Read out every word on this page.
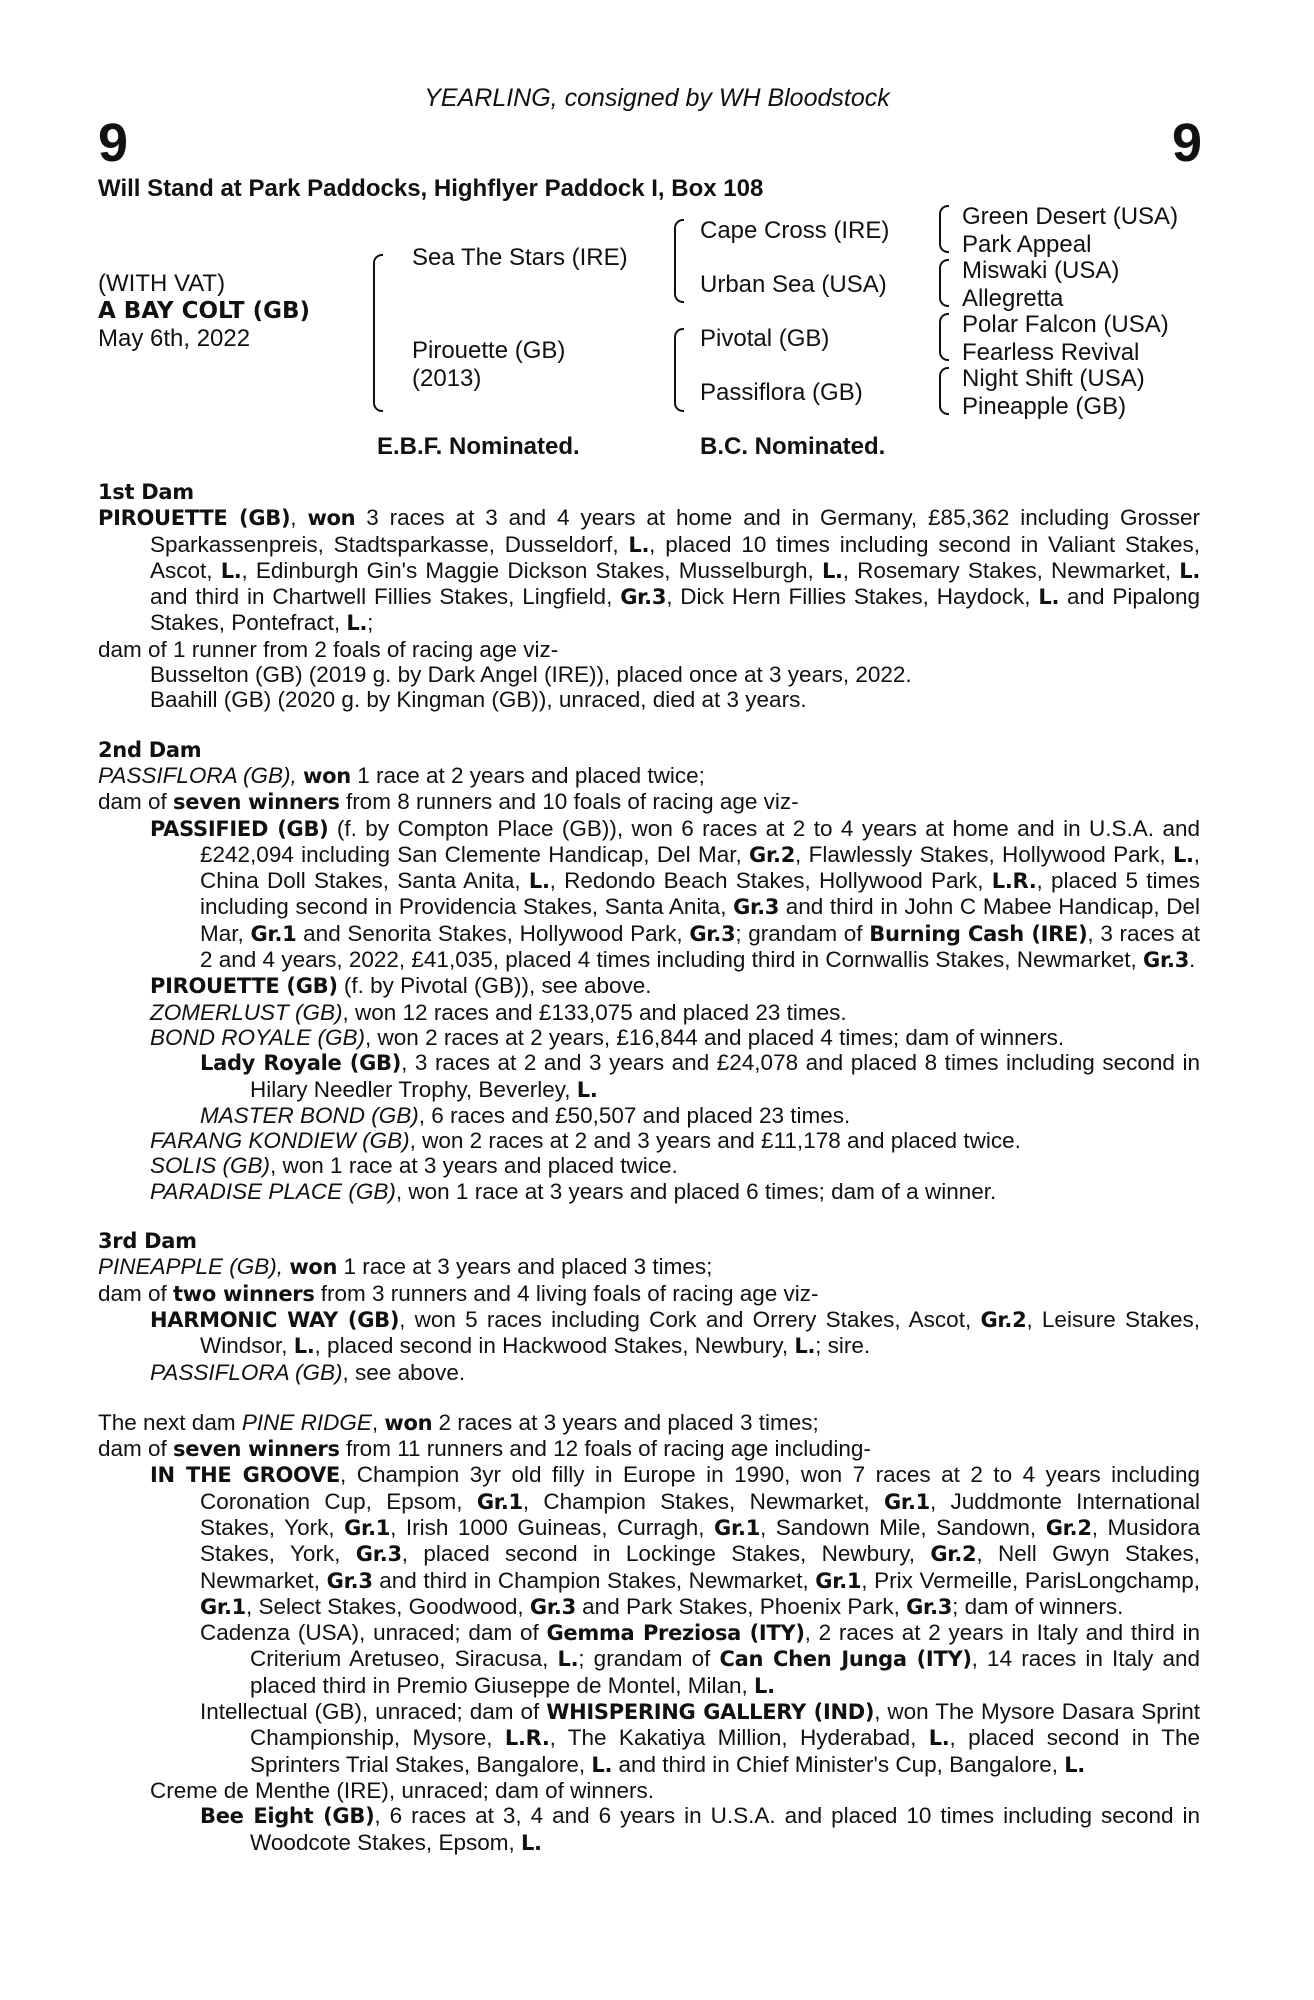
YEARLING, consigned by WH Bloodstock
9	9
Will Stand at Park Paddocks, Highflyer Paddock I, Box 108
(WITH VAT)
A BAY COLT (GB)
May 6th, 2022
Sea The Stars (IRE)
Pirouette (GB)
(2013)
Cape Cross (IRE)
Urban Sea (USA)
Pivotal (GB)
Passiflora (GB)
Green Desert (USA)
Park Appeal
Miswaki (USA)
Allegretta
Polar Falcon (USA)
Fearless Revival
Night Shift (USA)
Pineapple (GB)
E.B.F. Nominated.	B.C. Nominated.

1st Dam

PIROUETTE (GB), won 3 races at 3 and 4 years at home and in Germany, £85,362 including Grosser Sparkassenpreis, Stadtsparkasse, Dusseldorf, L., placed 10 times including second in Valiant Stakes, Ascot, L., Edinburgh Gin's Maggie Dickson Stakes, Musselburgh, L., Rosemary Stakes, Newmarket, L. and third in Chartwell Fillies Stakes, Lingfield, Gr.3, Dick Hern Fillies Stakes, Haydock, L. and Pipalong Stakes, Pontefract, L.;

dam of 1 runner from 2 foals of racing age viz-

Busselton (GB) (2019 g. by Dark Angel (IRE)), placed once at 3 years, 2022.

Baahill (GB) (2020 g. by Kingman (GB)), unraced, died at 3 years.

2nd Dam

PASSIFLORA (GB), won 1 race at 2 years and placed twice;

dam of seven winners from 8 runners and 10 foals of racing age viz-

PASSIFIED (GB) (f. by Compton Place (GB)), won 6 races at 2 to 4 years at home and in U.S.A. and £242,094 including San Clemente Handicap, Del Mar, Gr.2, Flawlessly Stakes, Hollywood Park, L., China Doll Stakes, Santa Anita, L., Redondo Beach Stakes, Hollywood Park, L.R., placed 5 times including second in Providencia Stakes, Santa Anita, Gr.3 and third in John C Mabee Handicap, Del Mar, Gr.1 and Senorita Stakes, Hollywood Park, Gr.3; grandam of Burning Cash (IRE), 3 races at 2 and 4 years, 2022, £41,035, placed 4 times including third in Cornwallis Stakes, Newmarket, Gr.3.

PIROUETTE (GB) (f. by Pivotal (GB)), see above.

ZOMERLUST (GB), won 12 races and £133,075 and placed 23 times.

BOND ROYALE (GB), won 2 races at 2 years, £16,844 and placed 4 times; dam of winners.

Lady Royale (GB), 3 races at 2 and 3 years and £24,078 and placed 8 times including second in Hilary Needler Trophy, Beverley, L.

MASTER BOND (GB), 6 races and £50,507 and placed 23 times.

FARANG KONDIEW (GB), won 2 races at 2 and 3 years and £11,178 and placed twice.

SOLIS (GB), won 1 race at 3 years and placed twice.

PARADISE PLACE (GB), won 1 race at 3 years and placed 6 times; dam of a winner.

3rd Dam

PINEAPPLE (GB), won 1 race at 3 years and placed 3 times;

dam of two winners from 3 runners and 4 living foals of racing age viz-

HARMONIC WAY (GB), won 5 races including Cork and Orrery Stakes, Ascot, Gr.2, Leisure Stakes, Windsor, L., placed second in Hackwood Stakes, Newbury, L.; sire.

PASSIFLORA (GB), see above.

The next dam PINE RIDGE, won 2 races at 3 years and placed 3 times;

dam of seven winners from 11 runners and 12 foals of racing age including-

IN THE GROOVE, Champion 3yr old filly in Europe in 1990, won 7 races at 2 to 4 years including Coronation Cup, Epsom, Gr.1, Champion Stakes, Newmarket, Gr.1, Juddmonte International Stakes, York, Gr.1, Irish 1000 Guineas, Curragh, Gr.1, Sandown Mile, Sandown, Gr.2, Musidora Stakes, York, Gr.3, placed second in Lockinge Stakes, Newbury, Gr.2, Nell Gwyn Stakes, Newmarket, Gr.3 and third in Champion Stakes, Newmarket, Gr.1, Prix Vermeille, ParisLongchamp, Gr.1, Select Stakes, Goodwood, Gr.3 and Park Stakes, Phoenix Park, Gr.3; dam of winners.

Cadenza (USA), unraced; dam of Gemma Preziosa (ITY), 2 races at 2 years in Italy and third in Criterium Aretuseo, Siracusa, L.; grandam of Can Chen Junga (ITY), 14 races in Italy and placed third in Premio Giuseppe de Montel, Milan, L.

Intellectual (GB), unraced; dam of WHISPERING GALLERY (IND), won The Mysore Dasara Sprint Championship, Mysore, L.R., The Kakatiya Million, Hyderabad, L., placed second in The Sprinters Trial Stakes, Bangalore, L. and third in Chief Minister's Cup, Bangalore, L.

Creme de Menthe (IRE), unraced; dam of winners.

Bee Eight (GB), 6 races at 3, 4 and 6 years in U.S.A. and placed 10 times including second in Woodcote Stakes, Epsom, L.
